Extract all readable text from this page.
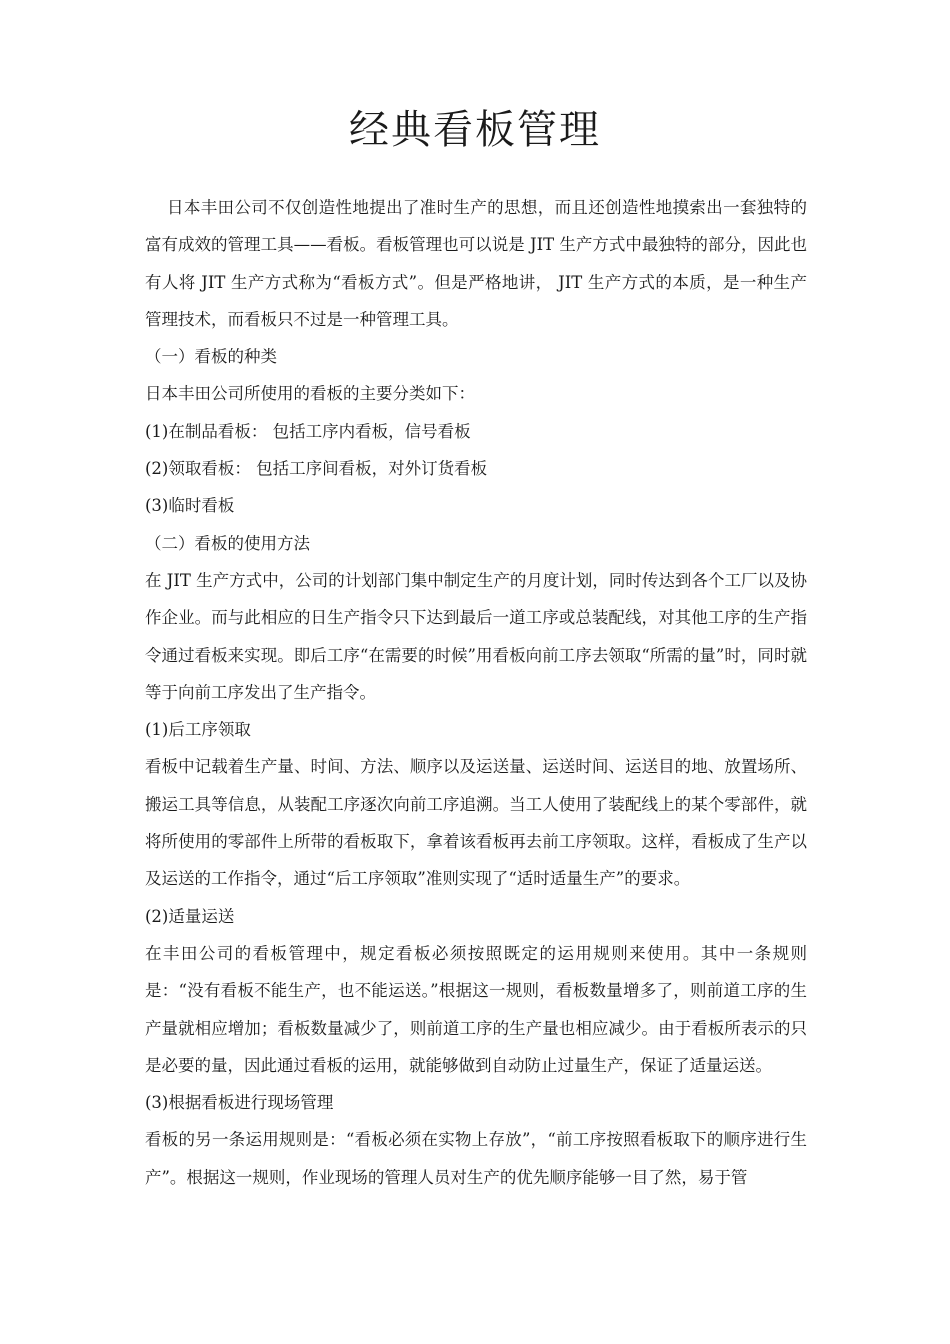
经典看板管理

日本丰田公司不仅创造性地提出了准时生产的思想，而且还创造性地摸索出一套独特的富有成效的管理工具——看板。看板管理也可以说是 JIT 生产方式中最独特的部分，因此也有人将 JIT 生产方式称为“看板方式”。但是严格地讲， JIT 生产方式的本质，是一种生产管理技术，而看板只不过是一种管理工具。

（一）看板的种类

日本丰田公司所使用的看板的主要分类如下：

(1)在制品看板： 包括工序内看板，信号看板

(2)领取看板： 包括工序间看板，对外订货看板

(3)临时看板

（二）看板的使用方法

在 JIT 生产方式中，公司的计划部门集中制定生产的月度计划，同时传达到各个工厂以及协作企业。而与此相应的日生产指令只下达到最后一道工序或总装配线，对其他工序的生产指令通过看板来实现。即后工序“在需要的时候”用看板向前工序去领取“所需的量”时，同时就等于向前工序发出了生产指令。

(1)后工序领取

看板中记载着生产量、时间、方法、顺序以及运送量、运送时间、运送目的地、放置场所、搬运工具等信息，从装配工序逐次向前工序追溯。当工人使用了装配线上的某个零部件，就将所使用的零部件上所带的看板取下，拿着该看板再去前工序领取。这样，看板成了生产以及运送的工作指令，通过“后工序领取”准则实现了“适时适量生产”的要求。

(2)适量运送

在丰田公司的看板管理中，规定看板必须按照既定的运用规则来使用。其中一条规则是：“没有看板不能生产，也不能运送。”根据这一规则，看板数量增多了，则前道工序的生产量就相应增加；看板数量减少了，则前道工序的生产量也相应减少。由于看板所表示的只是必要的量，因此通过看板的运用，就能够做到自动防止过量生产，保证了适量运送。

(3)根据看板进行现场管理

看板的另一条运用规则是：“看板必须在实物上存放”，“前工序按照看板取下的顺序进行生产”。根据这一规则，作业现场的管理人员对生产的优先顺序能够一目了然，易于管
